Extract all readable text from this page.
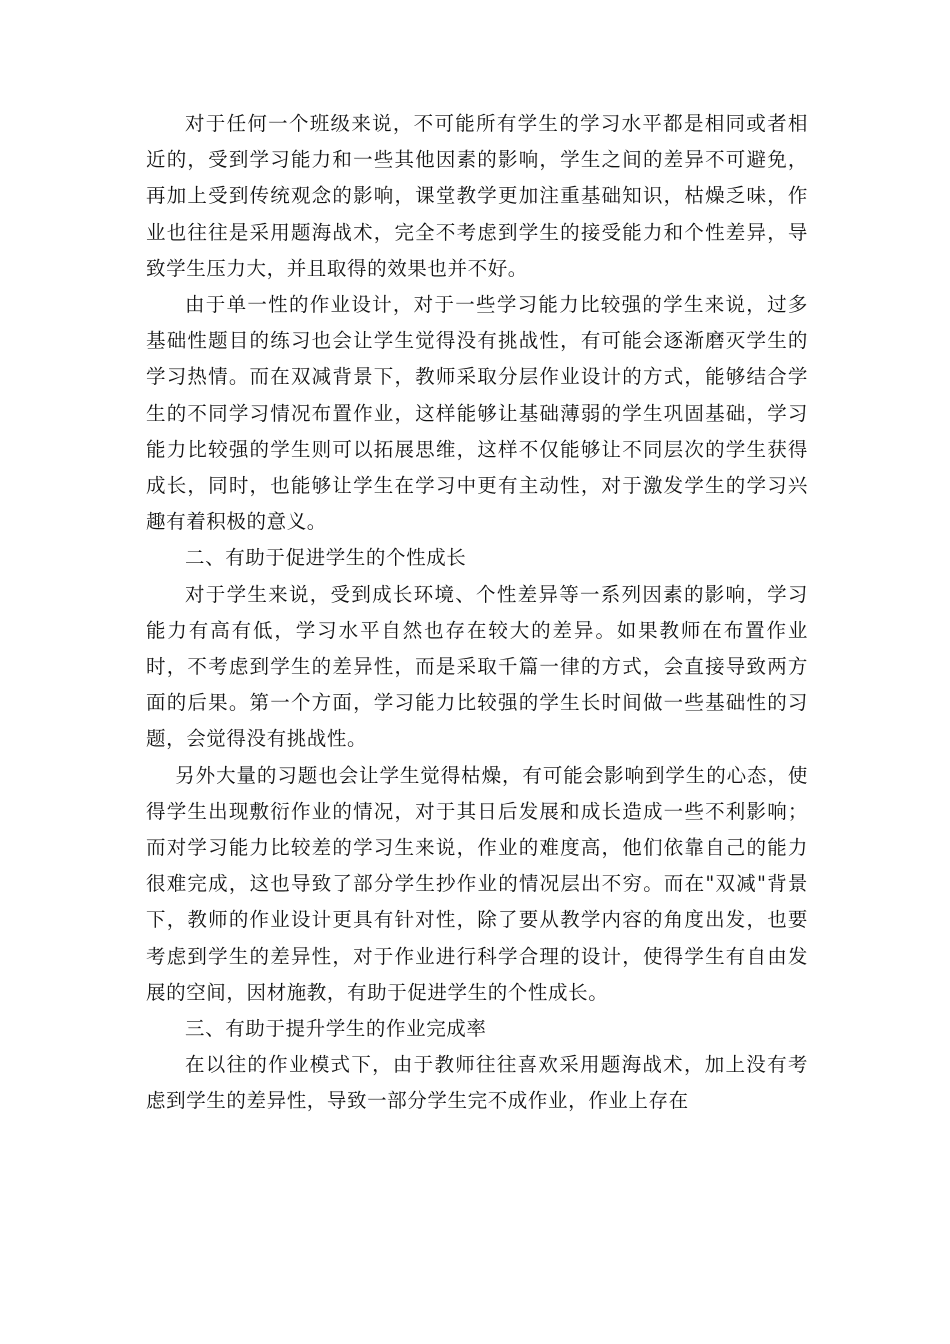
对于任何一个班级来说，不可能所有学生的学习水平都是相同或者相近的，受到学习能力和一些其他因素的影响，学生之间的差异不可避免，再加上受到传统观念的影响，课堂教学更加注重基础知识，枯燥乏味，作业也往往是采用题海战术，完全不考虑到学生的接受能力和个性差异，导致学生压力大，并且取得的效果也并不好。

由于单一性的作业设计，对于一些学习能力比较强的学生来说，过多基础性题目的练习也会让学生觉得没有挑战性，有可能会逐渐磨灭学生的学习热情。而在双减背景下，教师采取分层作业设计的方式，能够结合学生的不同学习情况布置作业，这样能够让基础薄弱的学生巩固基础，学习能力比较强的学生则可以拓展思维，这样不仅能够让不同层次的学生获得成长，同时，也能够让学生在学习中更有主动性，对于激发学生的学习兴趣有着积极的意义。

二、有助于促进学生的个性成长

对于学生来说，受到成长环境、个性差异等一系列因素的影响，学习能力有高有低，学习水平自然也存在较大的差异。如果教师在布置作业时，不考虑到学生的差异性，而是采取千篇一律的方式，会直接导致两方面的后果。第一个方面，学习能力比较强的学生长时间做一些基础性的习题，会觉得没有挑战性。

另外大量的习题也会让学生觉得枯燥，有可能会影响到学生的心态，使得学生出现敷衍作业的情况，对于其日后发展和成长造成一些不利影响；而对学习能力比较差的学习生来说，作业的难度高，他们依靠自己的能力很难完成，这也导致了部分学生抄作业的情况层出不穷。而在"双减"背景下，教师的作业设计更具有针对性，除了要从教学内容的角度出发，也要考虑到学生的差异性，对于作业进行科学合理的设计，使得学生有自由发展的空间，因材施教，有助于促进学生的个性成长。

三、有助于提升学生的作业完成率

在以往的作业模式下，由于教师往往喜欢采用题海战术，加上没有考虑到学生的差异性，导致一部分学生完不成作业，作业上存在
